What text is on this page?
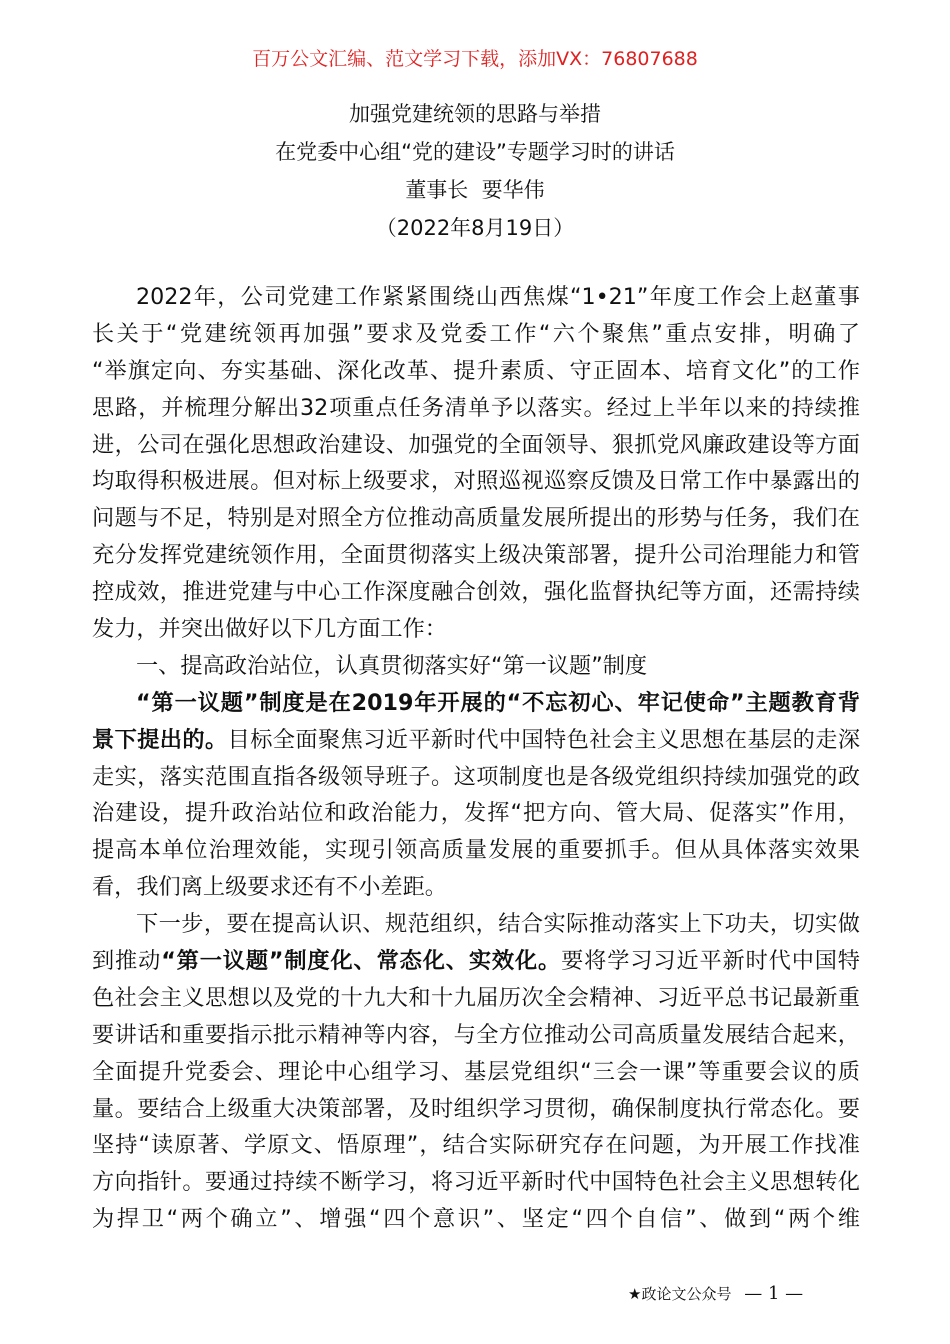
百万公文汇编、范文学习下载，添加VX：76807688
加强党建统领的思路与举措
在党委中心组“党的建设”专题学习时的讲话
董事长  要华伟
（2022年8月19日）
2022年，公司党建工作紧紧围绕山西焦煤“1•21”年度工作会上赵董事
长关于“党建统领再加强”要求及党委工作“六个聚焦”重点安排，明确了
“举旗定向、夯实基础、深化改革、提升素质、守正固本、培育文化”的工作
思路，并梳理分解出32项重点任务清单予以落实。经过上半年以来的持续推
进，公司在强化思想政治建设、加强党的全面领导、狠抓党风廉政建设等方面
均取得积极进展。但对标上级要求，对照巡视巡察反馈及日常工作中暴露出的
问题与不足，特别是对照全方位推动高质量发展所提出的形势与任务，我们在
充分发挥党建统领作用，全面贯彻落实上级决策部署，提升公司治理能力和管
控成效，推进党建与中心工作深度融合创效，强化监督执纪等方面，还需持续
发力，并突出做好以下几方面工作：
一、提高政治站位，认真贯彻落实好“第一议题”制度
“第一议题”制度是在2019年开展的“不忘初心、牢记使命”主题教育背
景下提出的。目标全面聚焦习近平新时代中国特色社会主义思想在基层的走深
走实，落实范围直指各级领导班子。这项制度也是各级党组织持续加强党的政
治建设，提升政治站位和政治能力，发挥“把方向、管大局、促落实”作用，
提高本单位治理效能，实现引领高质量发展的重要抓手。但从具体落实效果
看，我们离上级要求还有不小差距。
下一步，要在提高认识、规范组织，结合实际推动落实上下功夫，切实做
到推动“第一议题”制度化、常态化、实效化。要将学习习近平新时代中国特
色社会主义思想以及党的十九大和十九届历次全会精神、习近平总书记最新重
要讲话和重要指示批示精神等内容，与全方位推动公司高质量发展结合起来，
全面提升党委会、理论中心组学习、基层党组织“三会一课”等重要会议的质
量。要结合上级重大决策部署，及时组织学习贯彻，确保制度执行常态化。要
坚持“读原著、学原文、悟原理”，结合实际研究存在问题，为开展工作找准
方向指针。要通过持续不断学习，将习近平新时代中国特色社会主义思想转化
为捍卫“两个确立”、增强“四个意识”、坚定“四个自信”、做到“两个维
★政论文公众号 — 1 —
